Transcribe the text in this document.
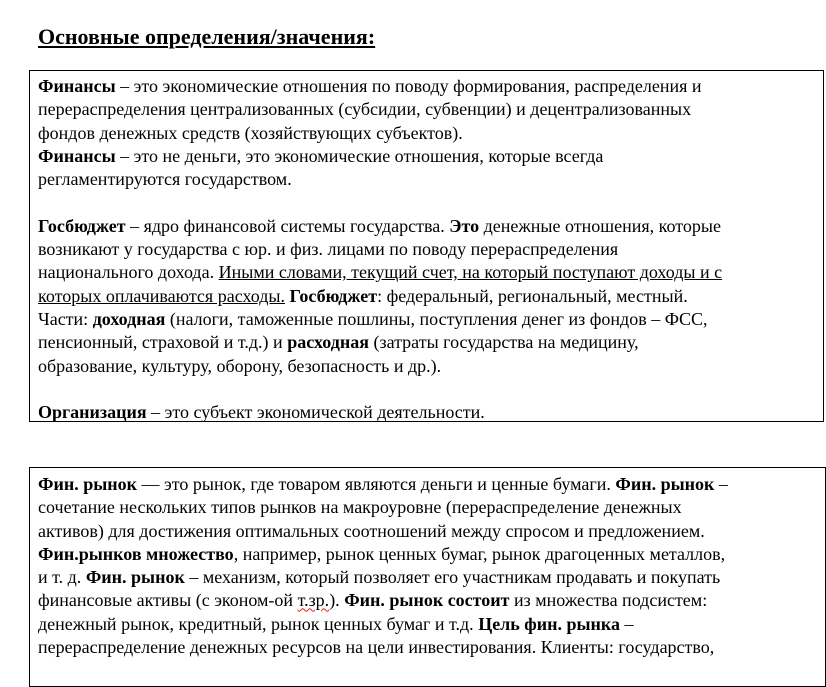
Основные определения/значения:
Финансы – это экономические отношения по поводу формирования, распределения и
перераспределения централизованных (субсидии, субвенции) и децентрализованных
фондов денежных средств (хозяйствующих субъектов).
Финансы – это не деньги, это экономические отношения, которые всегда
регламентируются государством.
Госбюджет – ядро финансовой системы государства. Это денежные отношения, которые
возникают у государства с юр. и физ. лицами по поводу перераспределения
национального дохода. Иными словами, текущий счет, на который поступают доходы и с
которых оплачиваются расходы. Госбюджет: федеральный, региональный, местный.
Части: доходная (налоги, таможенные пошлины, поступления денег из фондов – ФСС,
пенсионный, страховой и т.д.) и расходная (затраты государства на медицину,
образование, культуру, оборону, безопасность и др.).
Организация – это субъект экономической деятельности.
Фин. рынок — это рынок, где товаром являются деньги и ценные бумаги. Фин. рынок –
сочетание нескольких типов рынков на макроуровне (перераспределение денежных
активов) для достижения оптимальных соотношений между спросом и предложением.
Фин.рынков множество, например, рынок ценных бумаг, рынок драгоценных металлов,
и т. д. Фин. рынок – механизм, который позволяет его участникам продавать и покупать
финансовые активы (с эконом-ой т.зр.). Фин. рынок состоит из множества подсистем:
денежный рынок, кредитный, рынок ценных бумаг и т.д. Цель фин. рынка –
перераспределение денежных ресурсов на цели инвестирования. Клиенты: государство,
